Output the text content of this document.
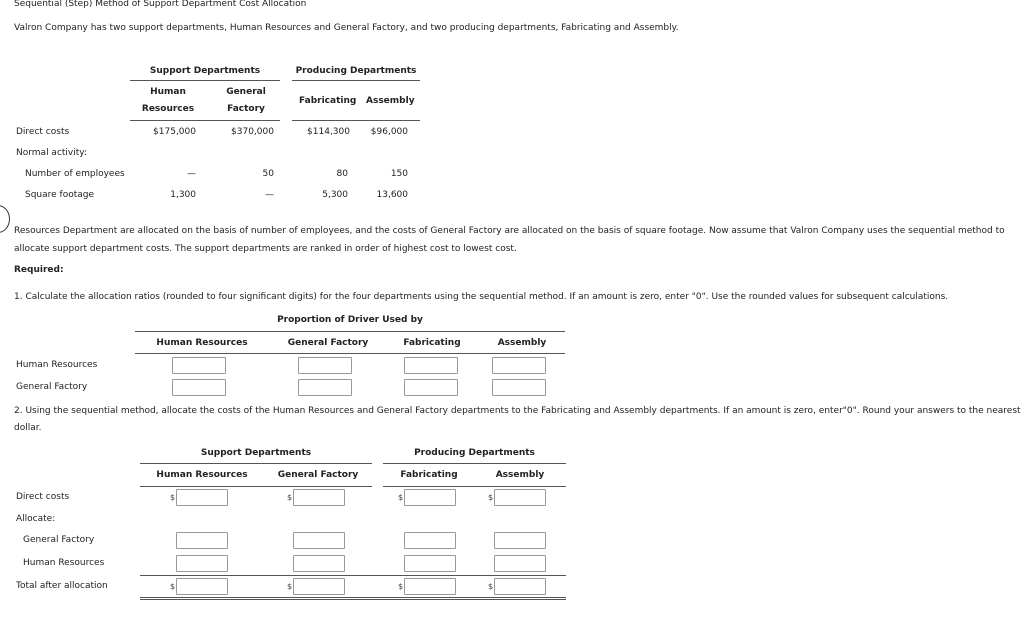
Sequential (Step) Method of Support Department Cost Allocation
Valron Company has two support departments, Human Resources and General Factory, and two producing departments, Fabricating and Assembly.
Support Departments	Producing Departments
Human
Resources
General
Factory
Fabricating Assembly
Direct costs	$175,000	$370,000	$114,300	$96,000
Normal activity:
Number of employees	—	50	80	150
Square footage	1,300	—	5,300	13,600
Resources Department are allocated on the basis of number of employees, and the costs of General Factory are allocated on the basis of square footage. Now assume that Valron Company uses the sequential method to
allocate support department costs. The support departments are ranked in order of highest cost to lowest cost.
Required:
1. Calculate the allocation ratios (rounded to four significant digits) for the four departments using the sequential method. If an amount is zero, enter "0". Use the rounded values for subsequent calculations.
Proportion of Driver Used by
Human Resources	General Factory	Fabricating	Assembly
Human Resources
General Factory
2. Using the sequential method, allocate the costs of the Human Resources and General Factory departments to the Fabricating and Assembly departments. If an amount is zero, enter"0". Round your answers to the nearest
dollar.
Support Departments	Producing Departments
Human Resources	General Factory	Fabricating	Assembly
Direct costs	$	$	$	$
Allocate:
General Factory
Human Resources
Total after allocation	$	$	$	$
